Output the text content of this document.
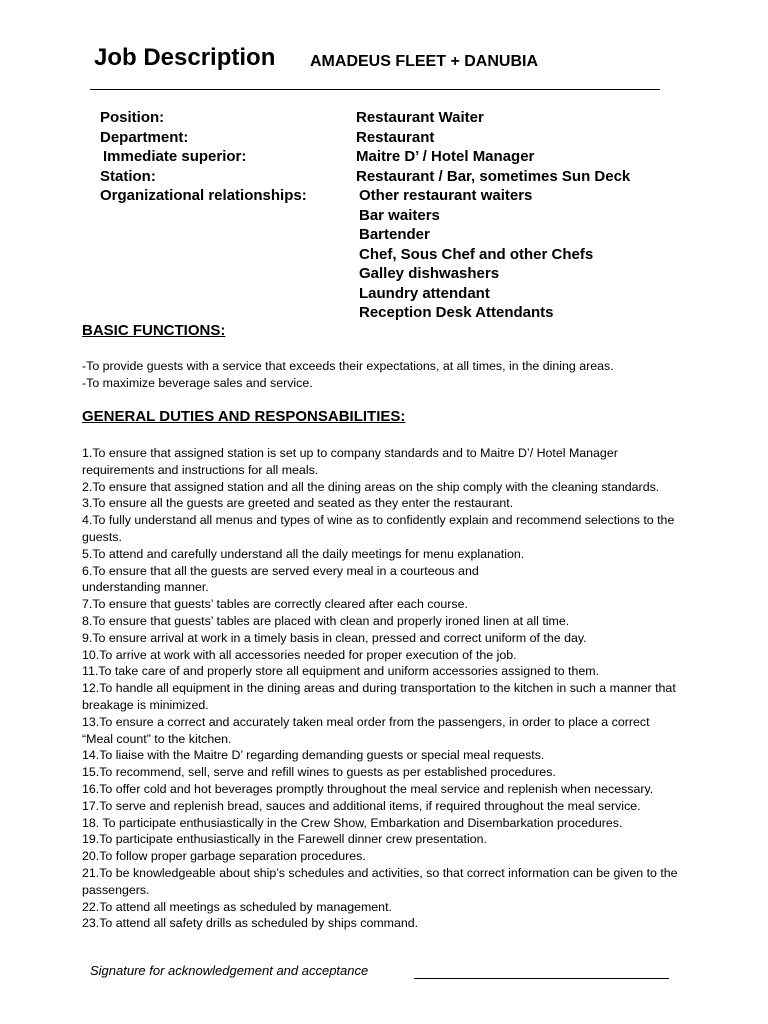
Job Description AMADEUS FLEET + DANUBIA
Position:	Restaurant Waiter
Department:	Restaurant
Immediate superior:	Maitre D’ / Hotel Manager
Station:	Restaurant / Bar, sometimes Sun Deck
Organizational relationships:	Other restaurant waiters
Bar waiters
Bartender
Chef, Sous Chef and other Chefs
Galley dishwashers
Laundry attendant
Reception Desk Attendants
BASIC FUNCTIONS:
-To provide guests with a service that exceeds their expectations, at all times, in the dining areas.
-To maximize beverage sales and service.
GENERAL DUTIES AND RESPONSABILITIES:
1.To ensure that assigned station is set up to company standards and to Maitre D’/ Hotel Manager requirements and instructions for all meals.
2.To ensure that assigned station and all the dining areas on the ship comply with the cleaning standards.
3.To ensure all the guests are greeted and seated as they enter the restaurant.
4.To fully understand all menus and types of wine as to confidently explain and recommend selections to the guests.
5.To attend and carefully understand all the daily meetings for menu explanation.
6.To ensure that all the guests are served every meal in a courteous and understanding manner.
7.To ensure that guests’ tables are correctly cleared after each course.
8.To ensure that guests’ tables are placed with clean and properly ironed linen at all time.
9.To ensure arrival at work in a timely basis in clean, pressed and correct uniform of the day.
10.To arrive at work with all accessories needed for proper execution of the job.
11.To take care of and properly store all equipment and uniform accessories assigned to them.
12.To handle all equipment in the dining areas and during transportation to the kitchen in such a manner that breakage is minimized.
13.To ensure a correct and accurately taken meal order from the passengers, in order to place a correct “Meal count” to the kitchen.
14.To liaise with the Maitre D’ regarding demanding guests or special meal requests.
15.To recommend, sell, serve and refill wines to guests as per established procedures.
16.To offer cold and hot beverages promptly throughout the meal service and replenish when necessary.
17.To serve and replenish bread, sauces and additional items, if required throughout the meal service.
18. To participate enthusiastically in the Crew Show, Embarkation and Disembarkation procedures.
19.To participate enthusiastically in the Farewell dinner crew presentation.
20.To follow proper garbage separation procedures.
21.To be knowledgeable about ship’s schedules and activities, so that correct information can be given to the passengers.
22.To attend all meetings as scheduled by management.
23.To attend all safety drills as scheduled by ships command.
Signature for acknowledgement and acceptance
